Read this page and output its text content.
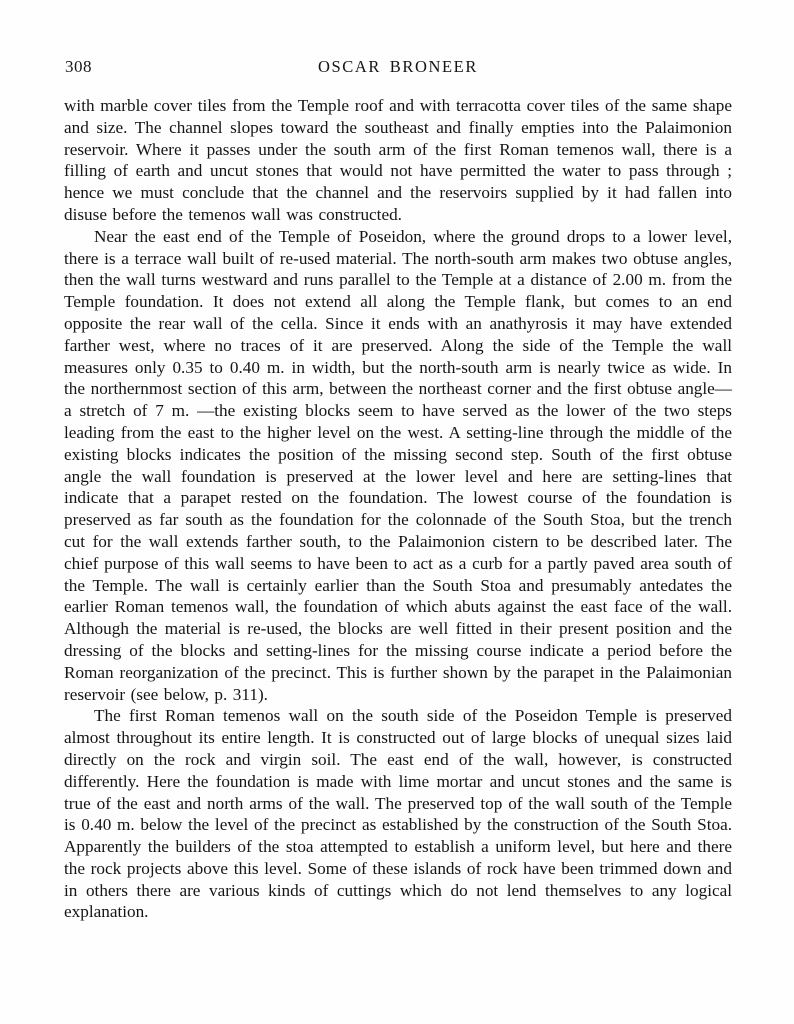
308	OSCAR BRONEER

with marble cover tiles from the Temple roof and with terracotta cover tiles of the same shape and size. The channel slopes toward the southeast and finally empties into the Palaimonion reservoir. Where it passes under the south arm of the first Roman temenos wall, there is a filling of earth and uncut stones that would not have permitted the water to pass through ; hence we must conclude that the channel and the reservoirs supplied by it had fallen into disuse before the temenos wall was constructed.

Near the east end of the Temple of Poseidon, where the ground drops to a lower level, there is a terrace wall built of re-used material. The north-south arm makes two obtuse angles, then the wall turns westward and runs parallel to the Temple at a distance of 2.00 m. from the Temple foundation. It does not extend all along the Temple flank, but comes to an end opposite the rear wall of the cella. Since it ends with an anathyrosis it may have extended farther west, where no traces of it are preserved. Along the side of the Temple the wall measures only 0.35 to 0.40 m. in width, but the north-south arm is nearly twice as wide. In the northernmost section of this arm, between the northeast corner and the first obtuse angle—a stretch of 7 m. —the existing blocks seem to have served as the lower of the two steps leading from the east to the higher level on the west. A setting-line through the middle of the existing blocks indicates the position of the missing second step. South of the first obtuse angle the wall foundation is preserved at the lower level and here are setting-lines that indicate that a parapet rested on the foundation. The lowest course of the foundation is preserved as far south as the foundation for the colonnade of the South Stoa, but the trench cut for the wall extends farther south, to the Palaimonion cistern to be described later. The chief purpose of this wall seems to have been to act as a curb for a partly paved area south of the Temple. The wall is certainly earlier than the South Stoa and presumably antedates the earlier Roman temenos wall, the foundation of which abuts against the east face of the wall. Although the material is re-used, the blocks are well fitted in their present position and the dressing of the blocks and setting-lines for the missing course indicate a period before the Roman reorganization of the precinct. This is further shown by the parapet in the Palaimonian reservoir (see below, p. 311).

The first Roman temenos wall on the south side of the Poseidon Temple is preserved almost throughout its entire length. It is constructed out of large blocks of unequal sizes laid directly on the rock and virgin soil. The east end of the wall, however, is constructed differently. Here the foundation is made with lime mortar and uncut stones and the same is true of the east and north arms of the wall. The preserved top of the wall south of the Temple is 0.40 m. below the level of the precinct as established by the construction of the South Stoa. Apparently the builders of the stoa attempted to establish a uniform level, but here and there the rock projects above this level. Some of these islands of rock have been trimmed down and in others there are various kinds of cuttings which do not lend themselves to any logical explanation.
